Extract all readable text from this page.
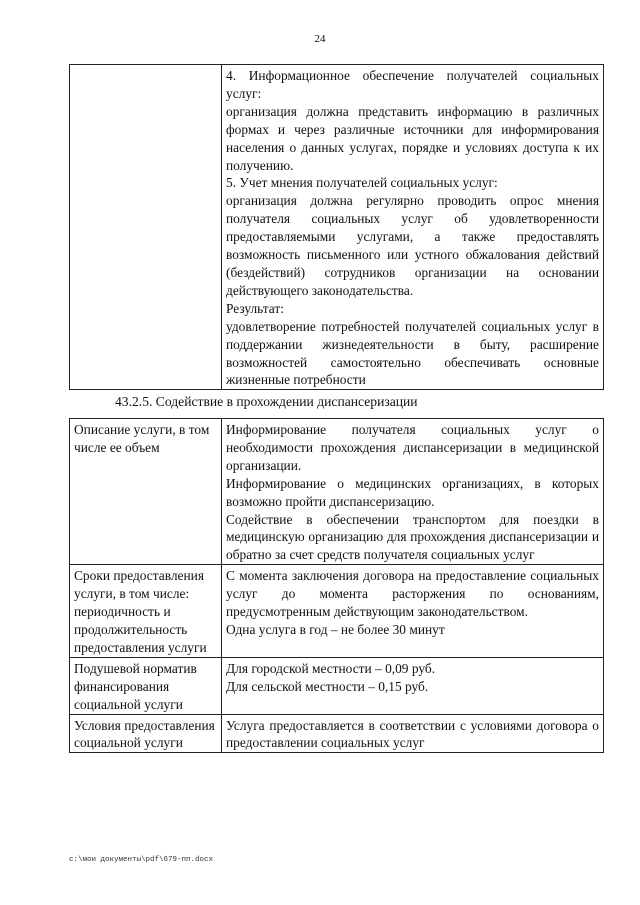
24

4. Информационное обеспечение получателей социальных услуг:
организация должна представить информацию в различных формах и через различные источники для информирования населения о данных услугах, порядке и условиях доступа к их получению.
5. Учет мнения получателей социальных услуг:
организация должна регулярно проводить опрос мнения получателя социальных услуг об удовлетворенности предоставляемыми услугами, а также предоставлять возможность письменного или устного обжалования действий (бездействий) сотрудников организации на основании действующего законодательства.
Результат:
удовлетворение потребностей получателей социальных услуг в поддержании жизнедеятельности в быту, расширение возможностей самостоятельно обеспечивать основные жизненные потребности
43.2.5. Содействие в прохождении диспансеризации
Описание услуги, в том числе ее объем	Информирование получателя социальных услуг о необходимости прохождения диспансеризации в медицинской организации.
Информирование о медицинских организациях, в которых возможно пройти диспансеризацию.
Содействие в обеспечении транспортом для поездки в медицинскую организацию для прохождения диспансеризации и обратно за счет средств получателя социальных услуг

Сроки предоставления услуги, в том числе: периодичность и продолжительность предоставления услуги	С момента заключения договора на предоставление социальных услуг до момента расторжения по основаниям, предусмотренным действующим законодательством.
Одна услуга в год – не более 30 минут

Подушевой норматив финансирования социальной услуги	Для городской местности – 0,09 руб.
Для сельской местности – 0,15 руб.

Условия предоставления социальной услуги	Услуга предоставляется в соответствии с условиями договора о предоставлении социальных услуг
c:\мои документы\pdf\679-пп.docx
